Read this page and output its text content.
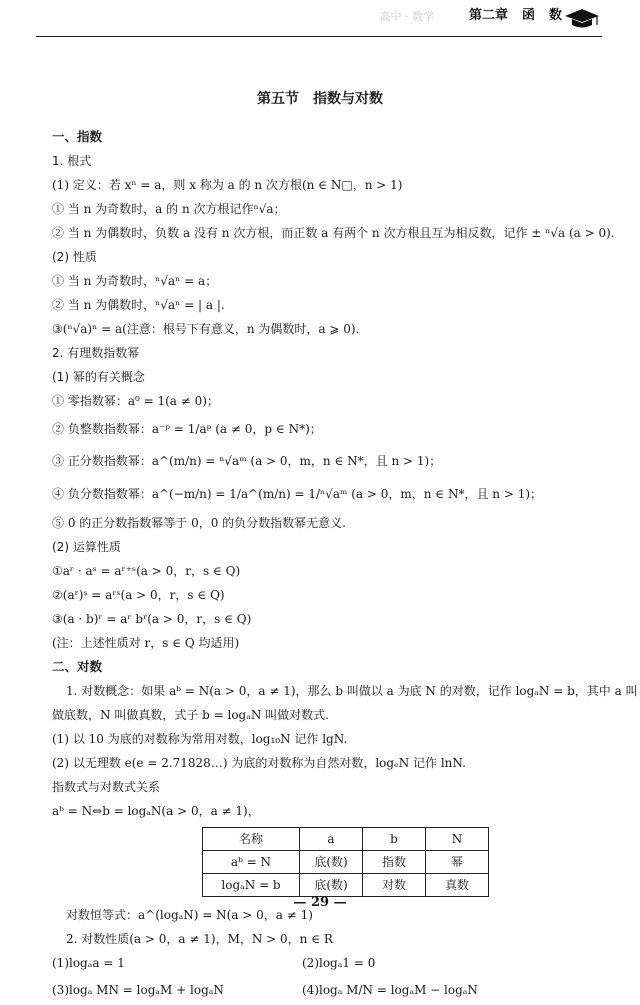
高中 · 数学	第二章 函 数
第五节　指数与对数
一、指数
1. 根式
(1) 定义：若 xⁿ = a，则 x 称为 a 的 n 次方根(n ∈ N□，n > 1)
① 当 n 为奇数时，a 的 n 次方根记作ⁿ√a；
② 当 n 为偶数时，负数 a 没有 n 次方根，而正数 a 有两个 n 次方根且互为相反数，记作 ± ⁿ√a (a > 0).
(2) 性质
① 当 n 为奇数时，ⁿ√aⁿ = a；
② 当 n 为偶数时，ⁿ√aⁿ = | a |.
③(ⁿ√a)ⁿ = a(注意：根号下有意义，n 为偶数时，a ⩾ 0).
2. 有理数指数幂
(1) 幂的有关概念
① 零指数幂：a⁰ = 1(a ≠ 0)；
② 负整数指数幂：a⁻ᵖ = 1/aᵖ (a ≠ 0，p ∈ N*)；
③ 正分数指数幂：a^(m/n) = ⁿ√aᵐ (a > 0，m，n ∈ N*，且 n > 1)；
④ 负分数指数幂：a^(−m/n) = 1/a^(m/n) = 1/ⁿ√aᵐ (a > 0，m，n ∈ N*，且 n > 1)；
⑤ 0 的正分数指数幂等于 0，0 的负分数指数幂无意义.
(2) 运算性质
①aʳ · aˢ = aʳ⁺ˢ(a > 0，r，s ∈ Q)
②(aʳ)ˢ = aʳˢ(a > 0，r，s ∈ Q)
③(a · b)ʳ = aʳ bʳ(a > 0，r，s ∈ Q)
(注：上述性质对 r，s ∈ Q 均适用)
二、对数
1. 对数概念：如果 aᵇ = N(a > 0，a ≠ 1)，那么 b 叫做以 a 为底 N 的对数，记作 logₐN = b，其中 a 叫
做底数，N 叫做真数，式子 b = logₐN 叫做对数式.
(1) 以 10 为底的对数称为常用对数，log₁₀N 记作 lgN.
(2) 以无理数 e(e = 2.71828…) 为底的对数称为自然对数，logₑN 记作 lnN.
指数式与对数式关系
aᵇ = N⇔b = logₐN(a > 0，a ≠ 1)，
名称	a	b	N
aᵇ = N	底(数)	指数	幂
logₐN = b	底(数)	对数	真数
对数恒等式：a^(logₐN) = N(a > 0，a ≠ 1)
2. 对数性质(a > 0，a ≠ 1)，M，N > 0，n ∈ R
(1)logₐa = 1	(2)logₐ1 = 0
(3)logₐ MN = logₐM + logₐN	(4)logₐ M/N = logₐM − logₐN
— 29 —
